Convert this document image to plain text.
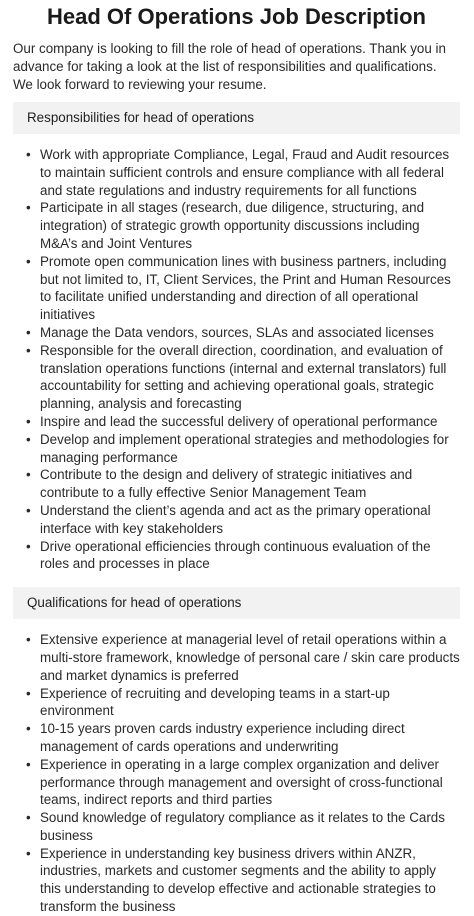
Head Of Operations Job Description

Our company is looking to fill the role of head of operations. Thank you in advance for taking a look at the list of responsibilities and qualifications. We look forward to reviewing your resume.

Responsibilities for head of operations
• Work with appropriate Compliance, Legal, Fraud and Audit resources to maintain sufficient controls and ensure compliance with all federal and state regulations and industry requirements for all functions
• Participate in all stages (research, due diligence, structuring, and integration) of strategic growth opportunity discussions including M&A’s and Joint Ventures
• Promote open communication lines with business partners, including but not limited to, IT, Client Services, the Print and Human Resources to facilitate unified understanding and direction of all operational initiatives
• Manage the Data vendors, sources, SLAs and associated licenses
• Responsible for the overall direction, coordination, and evaluation of translation operations functions (internal and external translators) full accountability for setting and achieving operational goals, strategic planning, analysis and forecasting
• Inspire and lead the successful delivery of operational performance
• Develop and implement operational strategies and methodologies for managing performance
• Contribute to the design and delivery of strategic initiatives and contribute to a fully effective Senior Management Team
• Understand the client’s agenda and act as the primary operational interface with key stakeholders
• Drive operational efficiencies through continuous evaluation of the roles and processes in place
Qualifications for head of operations
• Extensive experience at managerial level of retail operations within a multi-store framework, knowledge of personal care / skin care products and market dynamics is preferred
• Experience of recruiting and developing teams in a start-up environment
• 10-15 years proven cards industry experience including direct management of cards operations and underwriting
• Experience in operating in a large complex organization and deliver performance through management and oversight of cross-functional teams, indirect reports and third parties
• Sound knowledge of regulatory compliance as it relates to the Cards business
• Experience in understanding key business drivers within ANZR, industries, markets and customer segments and the ability to apply this understanding to develop effective and actionable strategies to transform the business
